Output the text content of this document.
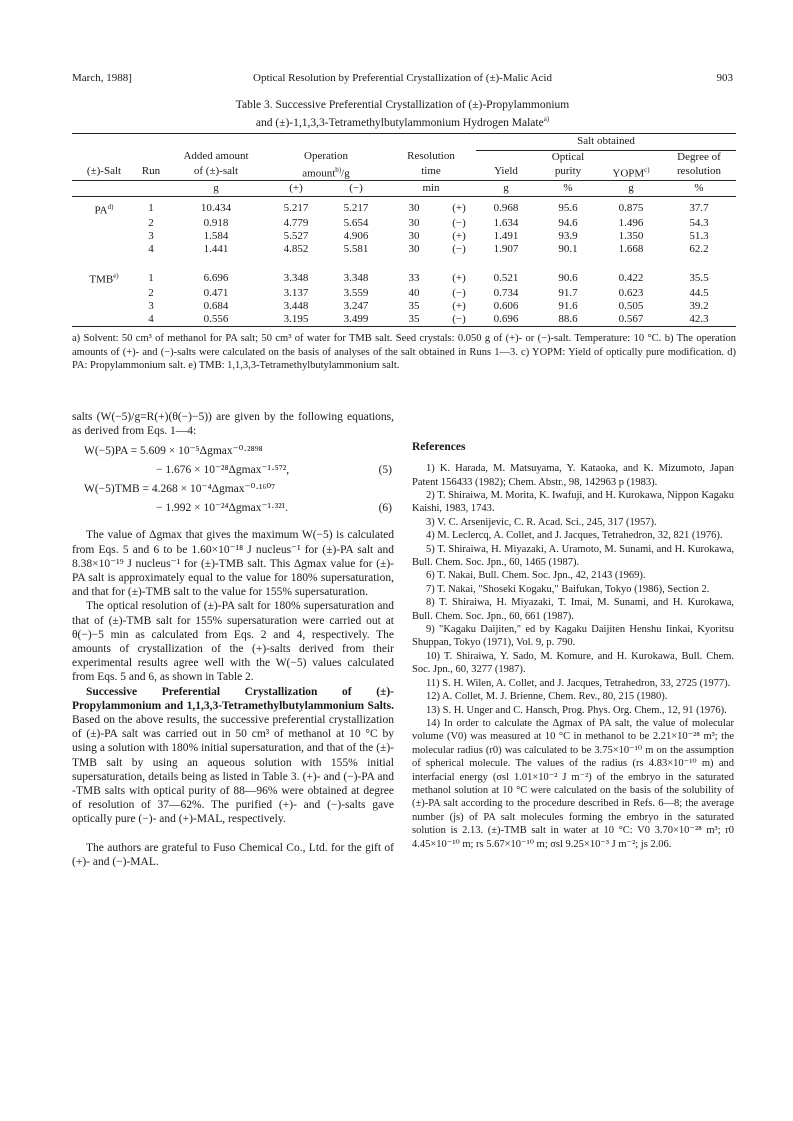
March, 1988]	Optical Resolution by Preferential Crystallization of (±)-Malic Acid	903
Table 3. Successive Preferential Crystallization of (±)-Propylammonium
and (±)-1,1,3,3-Tetramethylbutylammonium Hydrogen Malate$^{a)}$
							Salt obtained			
		Added amount	Operation		Resolution			Optical		Degree of
(±)-Salt	Run	of (±)-salt	amount$^{b)}$/g		time		Yield	purity	YOPM$^{c)}$	resolution
		g	(+)	(−)	min		g	%	g	%

PA$^{d)}$	1	10.434	5.217	5.217	30	(+)	0.968	95.6	0.875	37.7
	2	0.918	4.779	5.654	30	(−)	1.634	94.6	1.496	54.3
	3	1.584	5.527	4.906	30	(+)	1.491	93.9	1.350	51.3
	4	1.441	4.852	5.581	30	(−)	1.907	90.1	1.668	62.2

TMB$^{e)}$	1	6.696	3.348	3.348	33	(+)	0.521	90.6	0.422	35.5
	2	0.471	3.137	3.559	40	(−)	0.734	91.7	0.623	44.5
	3	0.684	3.448	3.247	35	(+)	0.606	91.6	0.505	39.2
	4	0.556	3.195	3.499	35	(−)	0.696	88.6	0.567	42.3
a) Solvent: 50 cm³ of methanol for PA salt; 50 cm³ of water for TMB salt. Seed crystals: 0.050 g of (+)- or (−)-salt. Temperature: 10 °C. b) The operation amounts of (+)- and (−)-salts were calculated on the basis of analyses of the salt obtained in Runs 1—3. c) YOPM: Yield of optically pure modification. d) PA: Propylammonium salt. e) TMB: 1,1,3,3-Tetramethylbutylammonium salt.

salts (W(−5)/g=R(+)(θ(−)−5)) are given by the following equations, as derived from Eqs. 1—4:

W(−5)PA = 5.609 × 10⁻⁵Δgmax⁻⁰·²⁸⁹⁸
− 1.676 × 10⁻²⁸Δgmax⁻¹·⁵⁷²,	(5)
W(−5)TMB = 4.268 × 10⁻⁴Δgmax⁻⁰·¹⁶⁰⁷
− 1.992 × 10⁻²⁴Δgmax⁻¹·³²¹.	(6)

The value of Δgmax that gives the maximum W(−5) is calculated from Eqs. 5 and 6 to be 1.60×10⁻¹⁸ J nucleus⁻¹ for (±)-PA salt and 8.38×10⁻¹⁹ J nucleus⁻¹ for (±)-TMB salt. This Δgmax value for (±)-PA salt is approximately equal to the value for 180% supersaturation, and that for (±)-TMB salt to the value for 155% supersaturation.

The optical resolution of (±)-PA salt for 180% supersaturation and that of (±)-TMB salt for 155% supersaturation were carried out at θ(−)−5 min as calculated from Eqs. 2 and 4, respectively. The amounts of crystallization of the (+)-salts derived from their experimental results agree well with the W(−5) values calculated from Eqs. 5 and 6, as shown in Table 2.

Successive Preferential Crystallization of (±)-Propylammonium and 1,1,3,3-Tetramethylbutylammonium Salts. Based on the above results, the successive preferential crystallization of (±)-PA salt was carried out in 50 cm³ of methanol at 10 °C by using a solution with 180% initial supersaturation, and that of the (±)-TMB salt by using an aqueous solution with 155% initial supersaturation, details being as listed in Table 3. (+)- and (−)-PA and -TMB salts with optical purity of 88—96% were obtained at degree of resolution of 37—62%. The purified (+)- and (−)-salts gave optically pure (−)- and (+)-MAL, respectively.

The authors are grateful to Fuso Chemical Co., Ltd. for the gift of (+)- and (−)-MAL.

References

1) K. Harada, M. Matsuyama, Y. Kataoka, and K. Mizumoto, Japan Patent 156433 (1982); Chem. Abstr., 98, 142963 p (1983).

2) T. Shiraiwa, M. Morita, K. Iwafuji, and H. Kurokawa, Nippon Kagaku Kaishi, 1983, 1743.

3) V. C. Arsenijevic, C. R. Acad. Sci., 245, 317 (1957).

4) M. Leclercq, A. Collet, and J. Jacques, Tetrahedron, 32, 821 (1976).

5) T. Shiraiwa, H. Miyazaki, A. Uramoto, M. Sunami, and H. Kurokawa, Bull. Chem. Soc. Jpn., 60, 1465 (1987).

6) T. Nakai, Bull. Chem. Soc. Jpn., 42, 2143 (1969).

7) T. Nakai, "Shoseki Kogaku," Baifukan, Tokyo (1986), Section 2.

8) T. Shiraiwa, H. Miyazaki, T. Imai, M. Sunami, and H. Kurokawa, Bull. Chem. Soc. Jpn., 60, 661 (1987).

9) "Kagaku Daijiten," ed by Kagaku Daijiten Henshu Iinkai, Kyoritsu Shuppan, Tokyo (1971), Vol. 9, p. 790.

10) T. Shiraiwa, Y. Sado, M. Komure, and H. Kurokawa, Bull. Chem. Soc. Jpn., 60, 3277 (1987).

11) S. H. Wilen, A. Collet, and J. Jacques, Tetrahedron, 33, 2725 (1977).

12) A. Collet, M. J. Brienne, Chem. Rev., 80, 215 (1980).

13) S. H. Unger and C. Hansch, Prog. Phys. Org. Chem., 12, 91 (1976).

14) In order to calculate the Δgmax of PA salt, the value of molecular volume (V0) was measured at 10 °C in methanol to be 2.21×10⁻²⁸ m³; the molecular radius (r0) was calculated to be 3.75×10⁻¹⁰ m on the assumption of spherical molecule. The values of the radius (rs 4.83×10⁻¹⁰ m) and interfacial energy (σsl 1.01×10⁻² J m⁻²) of the embryo in the saturated methanol solution at 10 °C were calculated on the basis of the solubility of (±)-PA salt according to the procedure described in Refs. 6—8; the average number (js) of PA salt molecules forming the embryo in the saturated solution is 2.13. (±)-TMB salt in water at 10 °C: V0 3.70×10⁻²⁸ m³; r0 4.45×10⁻¹⁰ m; rs 5.67×10⁻¹⁰ m; σsl 9.25×10⁻³ J m⁻²; js 2.06.
